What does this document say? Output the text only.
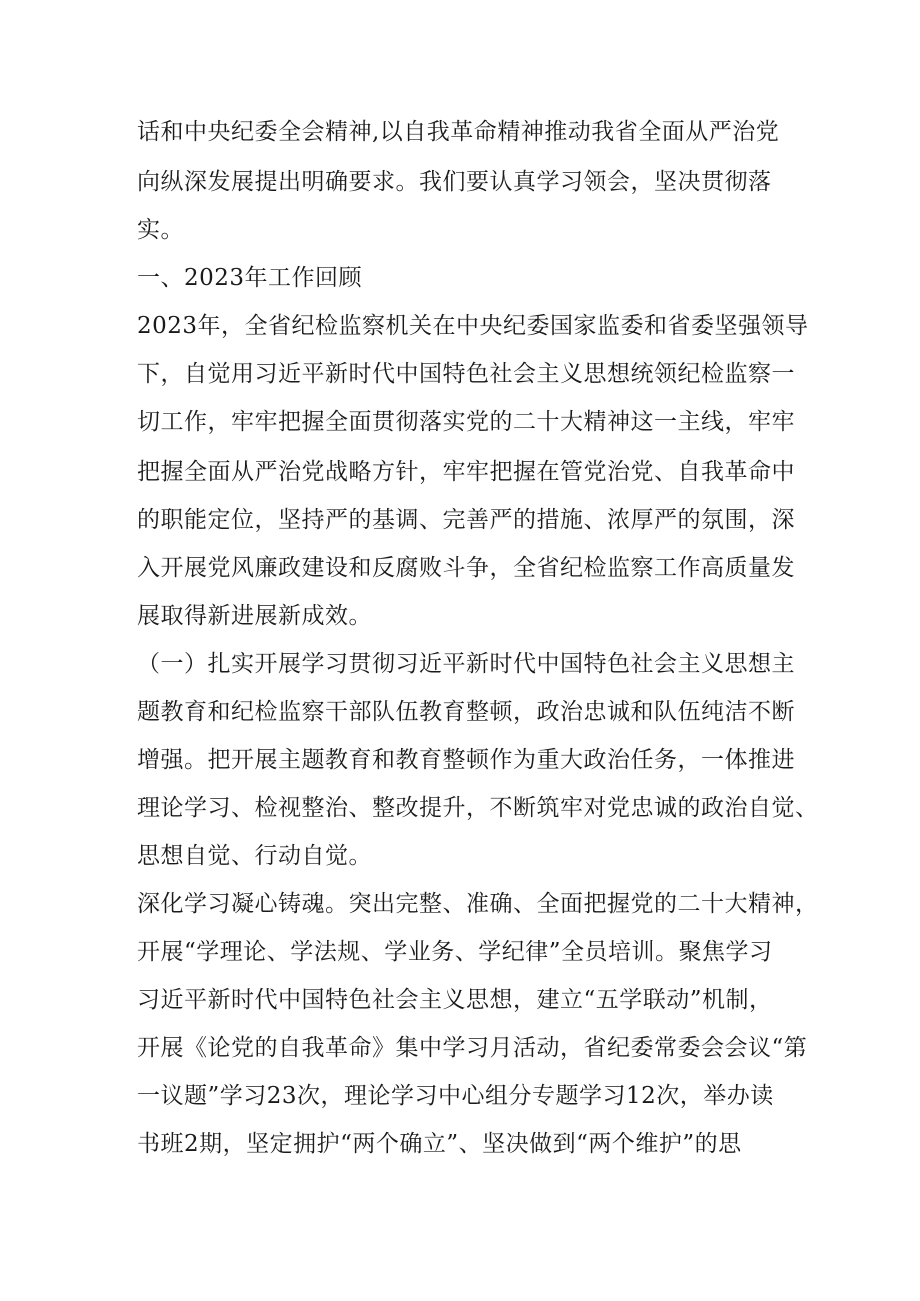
话和中央纪委全会精神,以自我革命精神推动我省全面从严治党
向纵深发展提出明确要求。我们要认真学习领会，坚决贯彻落
实。
一、2023年工作回顾
2023年，全省纪检监察机关在中央纪委国家监委和省委坚强领导
下，自觉用习近平新时代中国特色社会主义思想统领纪检监察一
切工作，牢牢把握全面贯彻落实党的二十大精神这一主线，牢牢
把握全面从严治党战略方针，牢牢把握在管党治党、自我革命中
的职能定位，坚持严的基调、完善严的措施、浓厚严的氛围，深
入开展党风廉政建设和反腐败斗争，全省纪检监察工作高质量发
展取得新进展新成效。
（一）扎实开展学习贯彻习近平新时代中国特色社会主义思想主
题教育和纪检监察干部队伍教育整顿，政治忠诚和队伍纯洁不断
增强。把开展主题教育和教育整顿作为重大政治任务，一体推进
理论学习、检视整治、整改提升，不断筑牢对党忠诚的政治自觉、
思想自觉、行动自觉。
深化学习凝心铸魂。突出完整、准确、全面把握党的二十大精神，
开展“学理论、学法规、学业务、学纪律”全员培训。聚焦学习
习近平新时代中国特色社会主义思想，建立“五学联动”机制，
开展《论党的自我革命》集中学习月活动，省纪委常委会会议“第
一议题”学习23次，理论学习中心组分专题学习12次，举办读
书班2期，坚定拥护“两个确立”、坚决做到“两个维护”的思
